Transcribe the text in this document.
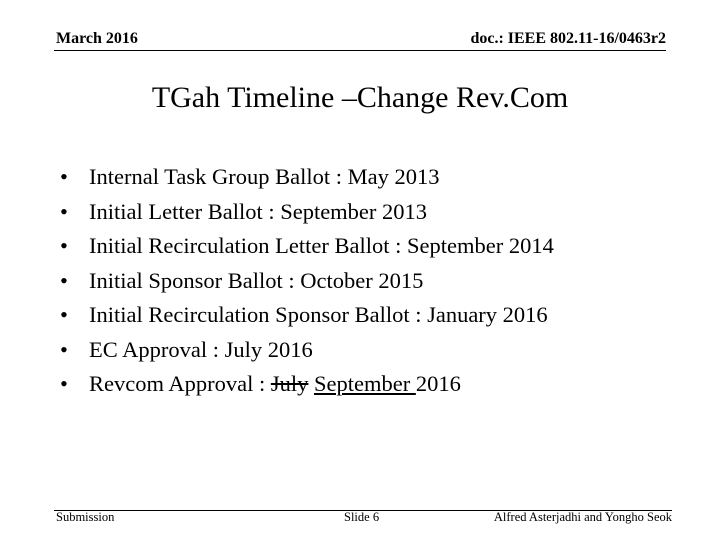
March 2016	doc.: IEEE 802.11-16/0463r2
TGah Timeline –Change Rev.Com
• Internal Task Group Ballot : May 2013
• Initial Letter Ballot : September 2013
• Initial Recirculation Letter Ballot : September 2014
• Initial Sponsor Ballot : October 2015
• Initial Recirculation Sponsor Ballot : January 2016
• EC Approval : July 2016
• Revcom Approval : July September 2016
Submission	Slide 6	Alfred Asterjadhi and Yongho Seok
